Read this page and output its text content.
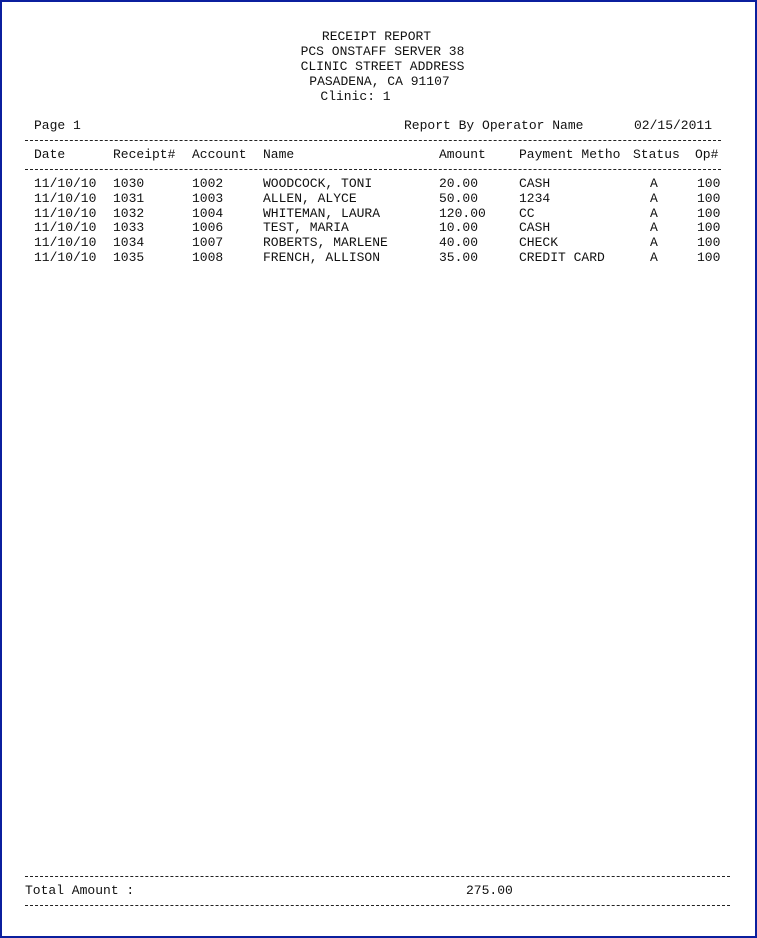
RECEIPT REPORT
PCS ONSTAFF SERVER 38
CLINIC STREET ADDRESS
PASADENA, CA 91107
Clinic: 1
Page 1	Report By Operator Name	02/15/2011
Date	Receipt# Account Name	Amount	Payment Metho Status Op#
11/10/10 1030	1002	WOODCOCK, TONI	20.00	CASH	A	100
11/10/10 1031	1003	ALLEN, ALYCE	50.00	1234	A	100
11/10/10 1032	1004	WHITEMAN, LAURA	120.00	CC	A	100
11/10/10 1033	1006	TEST, MARIA	10.00	CASH	A	100
11/10/10 1034	1007	ROBERTS, MARLENE	40.00	CHECK	A	100
11/10/10 1035	1008	FRENCH, ALLISON	35.00	CREDIT CARD	A	100
Total Amount :	275.00
